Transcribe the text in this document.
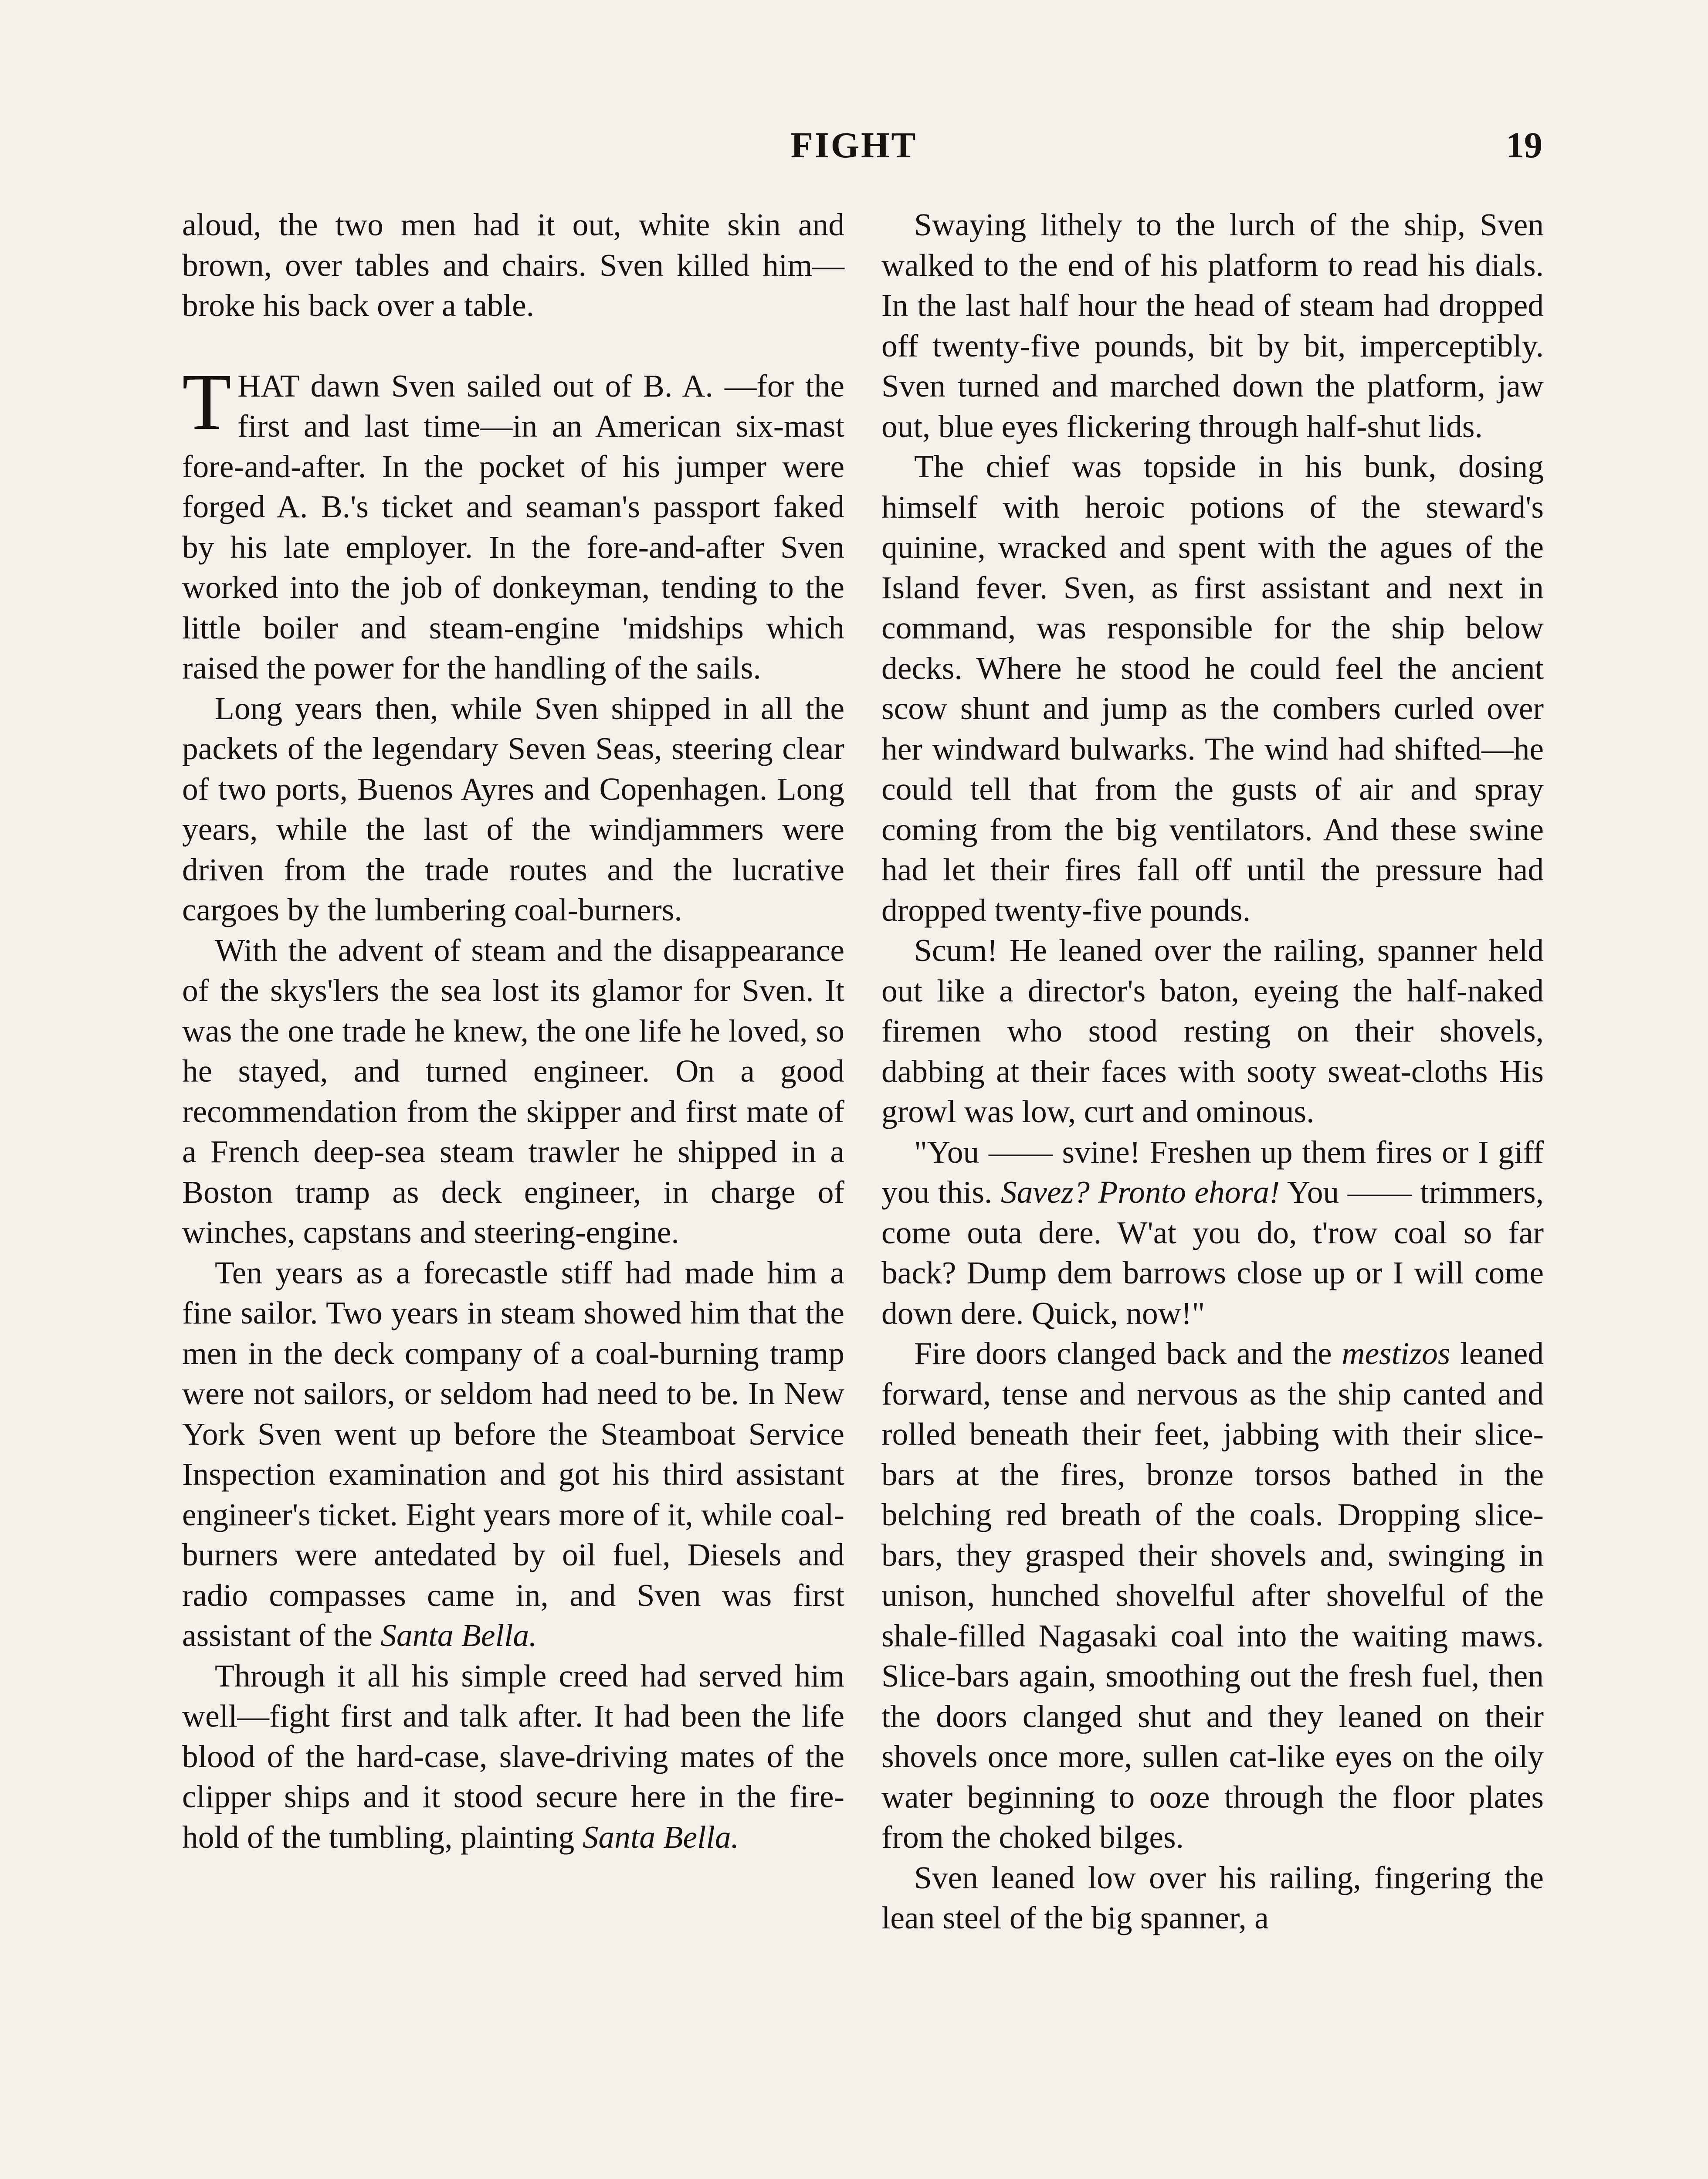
FIGHT	19

aloud, the two men had it out, white skin and brown, over tables and chairs. Sven killed him—broke his back over a table.

THAT dawn Sven sailed out of B. A. —for the first and last time—in an American six-mast fore-and-after. In the pocket of his jumper were forged A. B.'s ticket and seaman's passport faked by his late employer. In the fore-and-after Sven worked into the job of donkeyman, tending to the little boiler and steam-engine 'midships which raised the power for the handling of the sails.

Long years then, while Sven shipped in all the packets of the legendary Seven Seas, steering clear of two ports, Buenos Ayres and Copenhagen. Long years, while the last of the windjammers were driven from the trade routes and the lucrative cargoes by the lumbering coal-burners.

With the advent of steam and the disappearance of the skys'lers the sea lost its glamor for Sven. It was the one trade he knew, the one life he loved, so he stayed, and turned engineer. On a good recommendation from the skipper and first mate of a French deep-sea steam trawler he shipped in a Boston tramp as deck engineer, in charge of winches, capstans and steering-engine.

Ten years as a forecastle stiff had made him a fine sailor. Two years in steam showed him that the men in the deck company of a coal-burning tramp were not sailors, or seldom had need to be. In New York Sven went up before the Steamboat Service Inspection examination and got his third assistant engineer's ticket. Eight years more of it, while coal-burners were antedated by oil fuel, Diesels and radio compasses came in, and Sven was first assistant of the Santa Bella.

Through it all his simple creed had served him well—fight first and talk after. It had been the life blood of the hard-case, slave-driving mates of the clipper ships and it stood secure here in the fire-hold of the tumbling, plainting Santa Bella.

Swaying lithely to the lurch of the ship, Sven walked to the end of his platform to read his dials. In the last half hour the head of steam had dropped off twenty-five pounds, bit by bit, imperceptibly. Sven turned and marched down the platform, jaw out, blue eyes flickering through half-shut lids.

The chief was topside in his bunk, dosing himself with heroic potions of the steward's quinine, wracked and spent with the agues of the Island fever. Sven, as first assistant and next in command, was responsible for the ship below decks. Where he stood he could feel the ancient scow shunt and jump as the combers curled over her windward bulwarks. The wind had shifted—he could tell that from the gusts of air and spray coming from the big ventilators. And these swine had let their fires fall off until the pressure had dropped twenty-five pounds.

Scum! He leaned over the railing, spanner held out like a director's baton, eyeing the half-naked firemen who stood resting on their shovels, dabbing at their faces with sooty sweat-cloths His growl was low, curt and ominous.

"You —— svine! Freshen up them fires or I giff you this. Savez? Pronto ehora! You —— trimmers, come outa dere. W'at you do, t'row coal so far back? Dump dem barrows close up or I will come down dere. Quick, now!"

Fire doors clanged back and the mestizos leaned forward, tense and nervous as the ship canted and rolled beneath their feet, jabbing with their slice-bars at the fires, bronze torsos bathed in the belching red breath of the coals. Dropping slice-bars, they grasped their shovels and, swinging in unison, hunched shovelful after shovelful of the shale-filled Nagasaki coal into the waiting maws. Slice-bars again, smoothing out the fresh fuel, then the doors clanged shut and they leaned on their shovels once more, sullen cat-like eyes on the oily water beginning to ooze through the floor plates from the choked bilges.

Sven leaned low over his railing, fingering the lean steel of the big spanner, a
